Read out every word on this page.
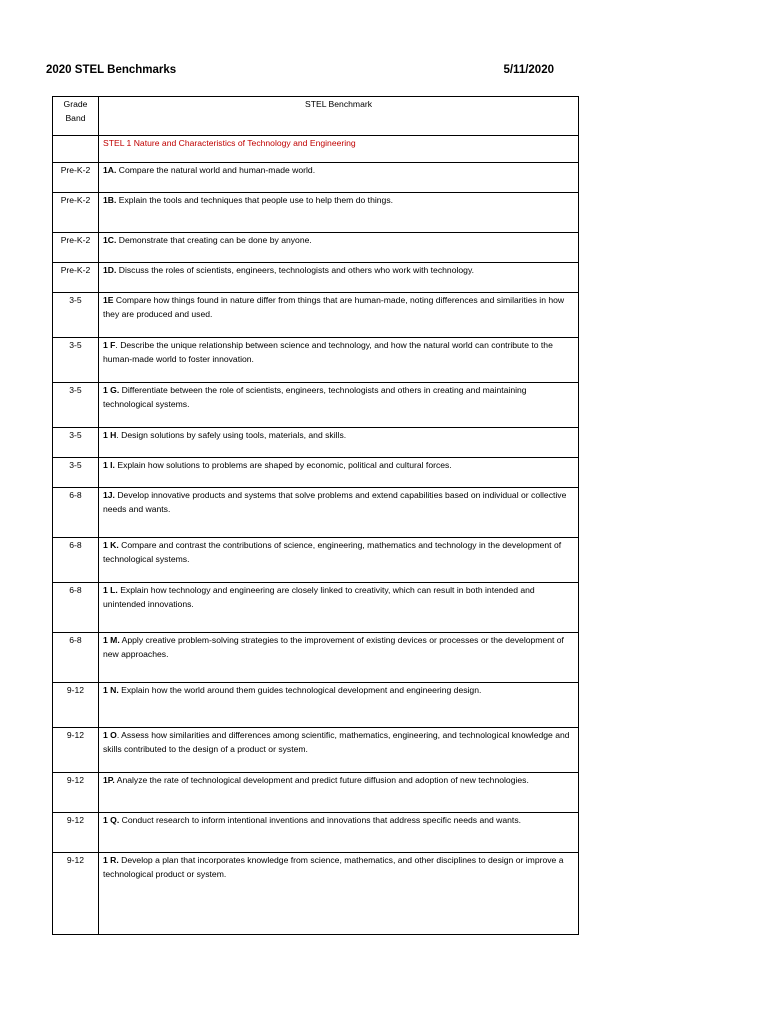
2020 STEL Benchmarks	5/11/2020
Grade Band	STEL Benchmark
	STEL 1 Nature and Characteristics of Technology and Engineering
Pre-K-2	1A. Compare the natural world and human-made world.
Pre-K-2	1B. Explain the tools and techniques that people use to help them do things.
Pre-K-2	1C. Demonstrate that creating can be done by anyone.
Pre-K-2	1D. Discuss the roles of scientists, engineers, technologists and others who work with technology.
3-5	1E Compare how things found in nature differ from things that are human-made, noting differences and similarities in how they are produced and used.
3-5	1 F. Describe the unique relationship between science and technology, and how the natural world can contribute to the human-made world to foster innovation.
3-5	1 G. Differentiate between the role of scientists, engineers, technologists and others in creating and maintaining technological systems.
3-5	1 H. Design solutions by safely using tools, materials, and skills.
3-5	1 I. Explain how solutions to problems are shaped by economic, political and cultural forces.
6-8	1J. Develop innovative products and systems that solve problems and extend capabilities based on individual or collective needs and wants.
6-8	1 K. Compare and contrast the contributions of science, engineering, mathematics and technology in the development of technological systems.
6-8	1 L. Explain how technology and engineering are closely linked to creativity, which can result in both intended and unintended innovations.
6-8	1 M. Apply creative problem-solving strategies to the improvement of existing devices or processes or the development of new approaches.
9-12	1 N. Explain how the world around them guides technological development and engineering design.
9-12	1 O. Assess how similarities and differences among scientific, mathematics, engineering, and technological knowledge and skills contributed to the design of a product or system.
9-12	1P. Analyze the rate of technological development and predict future diffusion and adoption of new technologies.
9-12	1 Q. Conduct research to inform intentional inventions and innovations that address specific needs and wants.
9-12	1 R. Develop a plan that incorporates knowledge from science, mathematics, and other disciplines to design or improve a technological product or system.
